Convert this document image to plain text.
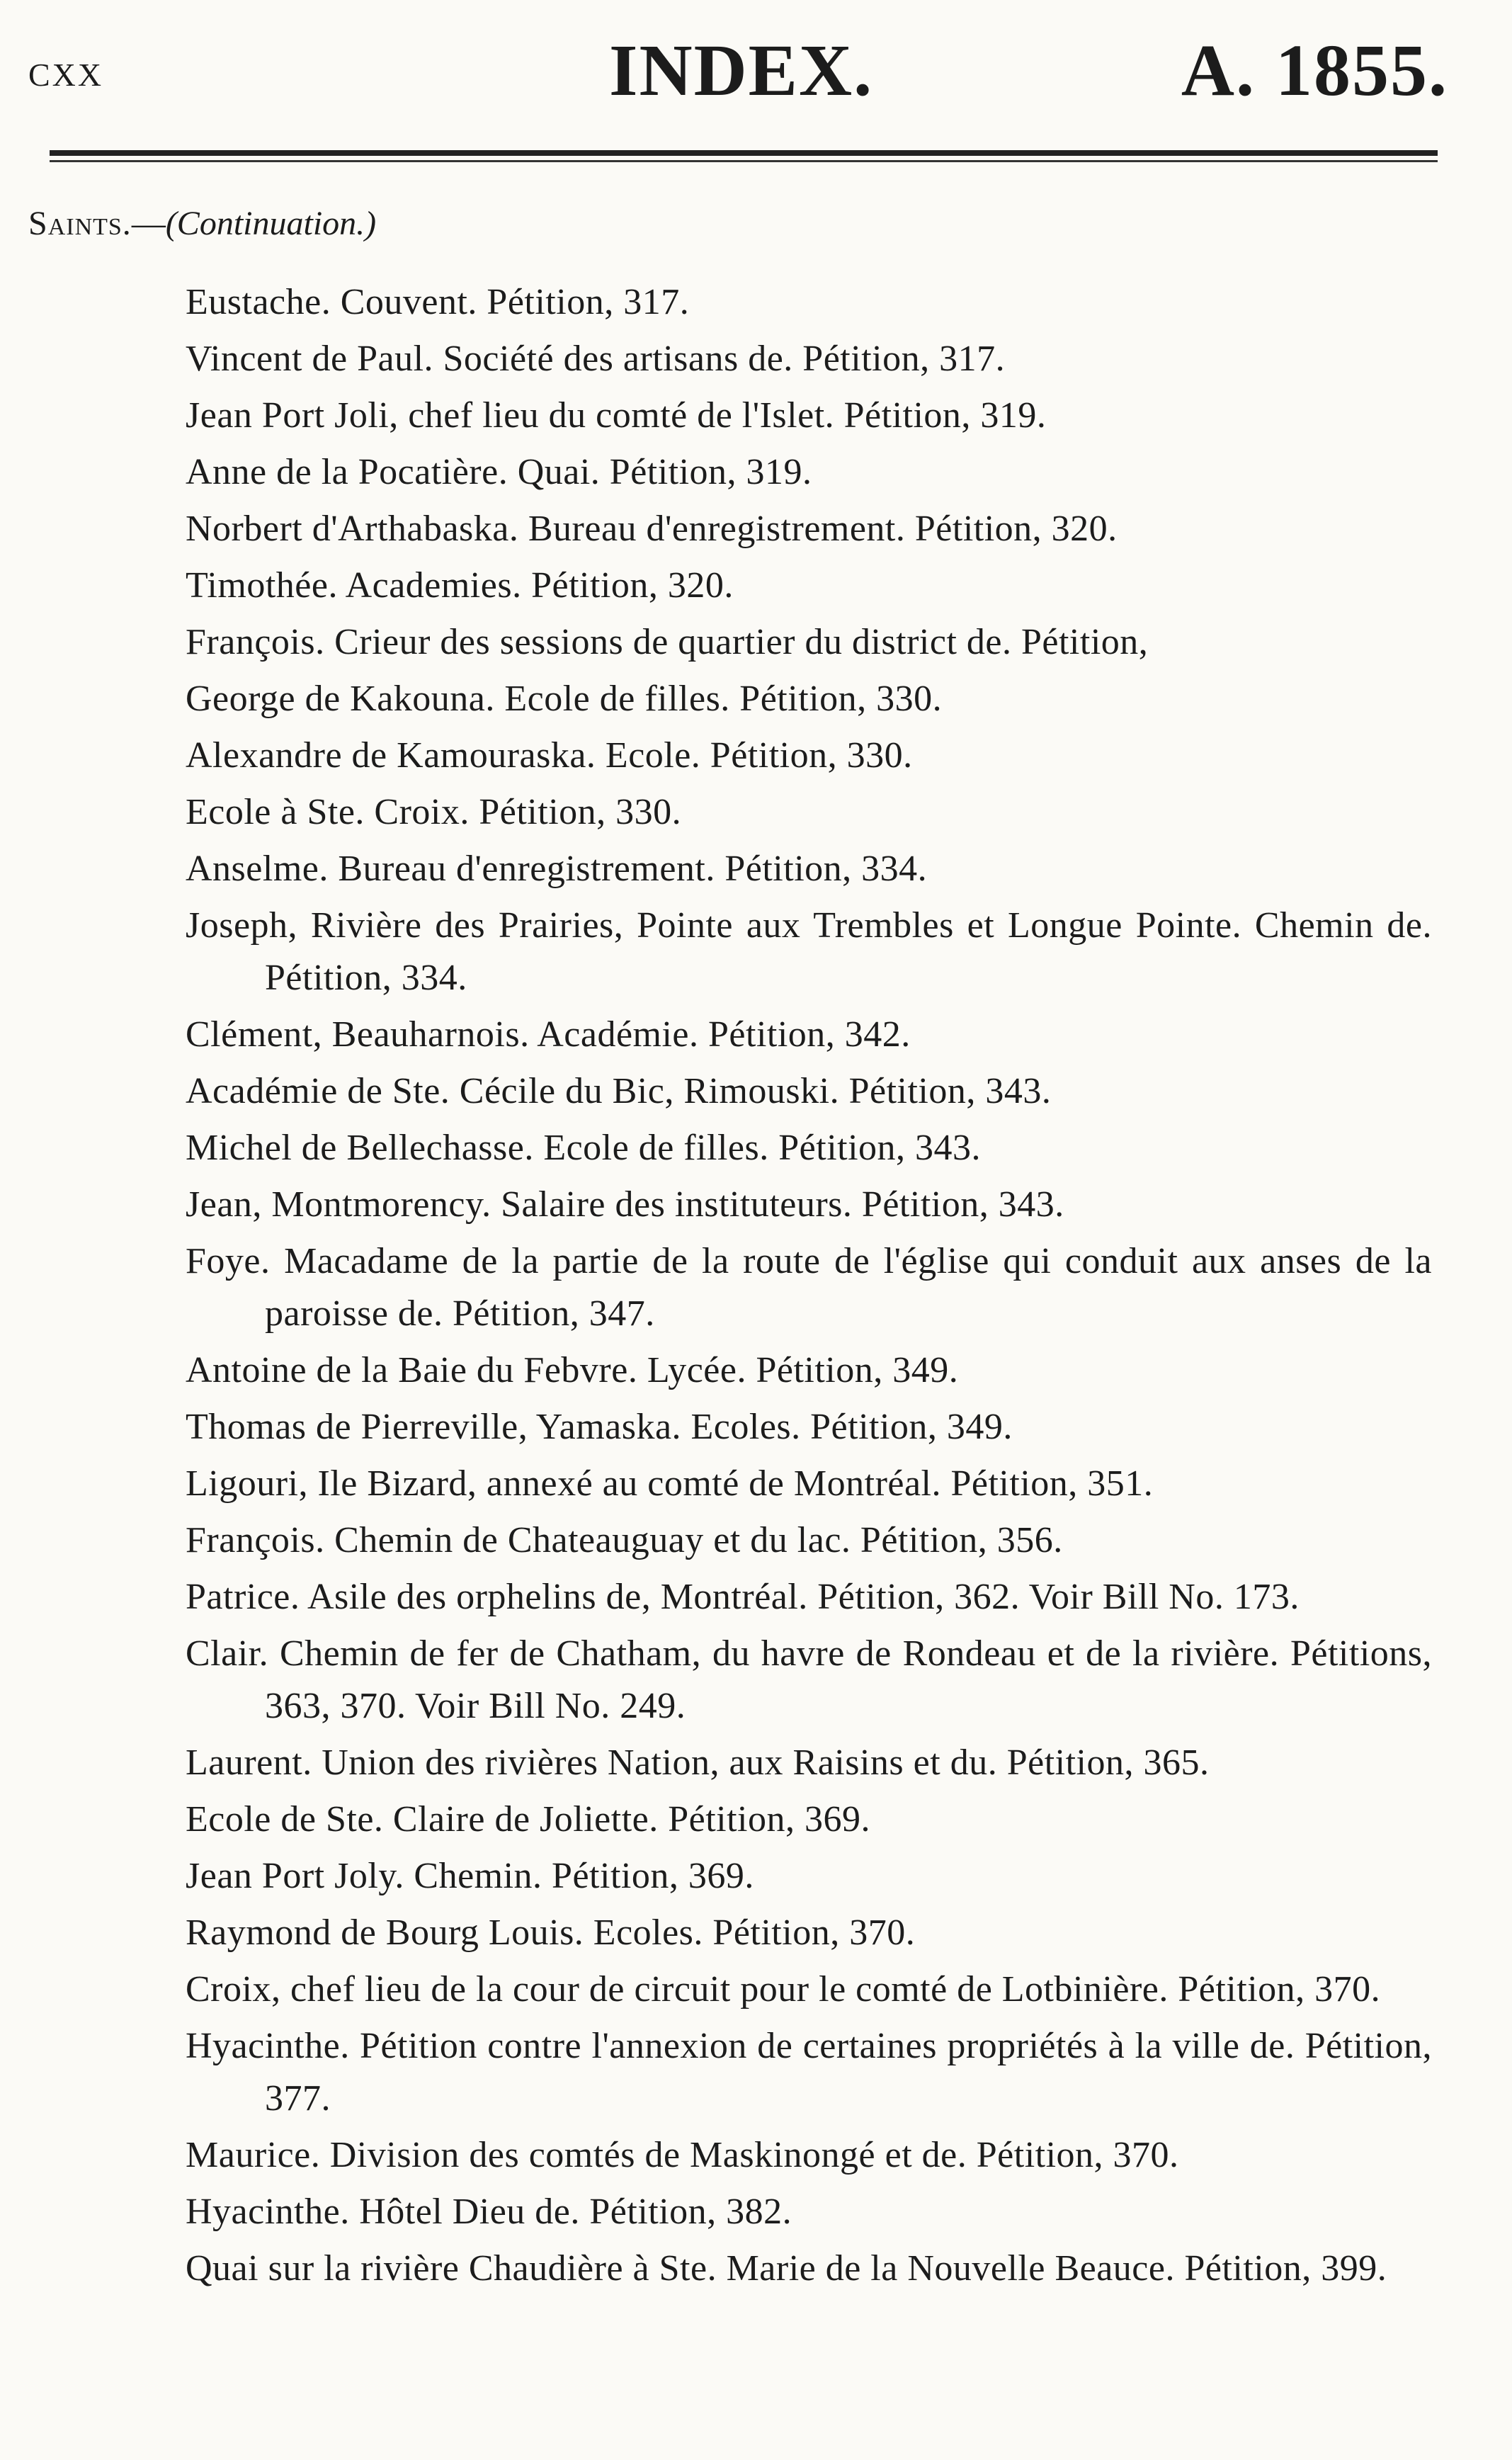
cxx	INDEX.	A. 1855.
Saints.—(Continuation.)
Eustache. Couvent. Pétition, 317.
Vincent de Paul. Société des artisans de. Pétition, 317.
Jean Port Joli, chef lieu du comté de l'Islet. Pétition, 319.
Anne de la Pocatière. Quai. Pétition, 319.
Norbert d'Arthabaska. Bureau d'enregistrement. Pétition, 320.
Timothée. Academies. Pétition, 320.
François. Crieur des sessions de quartier du district de. Pétition,
George de Kakouna. Ecole de filles. Pétition, 330.
Alexandre de Kamouraska. Ecole. Pétition, 330.
Ecole à Ste. Croix. Pétition, 330.
Anselme. Bureau d'enregistrement. Pétition, 334.
Joseph, Rivière des Prairies, Pointe aux Trembles et Longue Pointe. Chemin de. Pétition, 334.
Clément, Beauharnois. Académie. Pétition, 342.
Académie de Ste. Cécile du Bic, Rimouski. Pétition, 343.
Michel de Bellechasse. Ecole de filles. Pétition, 343.
Jean, Montmorency. Salaire des instituteurs. Pétition, 343.
Foye. Macadame de la partie de la route de l'église qui conduit aux anses de la paroisse de. Pétition, 347.
Antoine de la Baie du Febvre. Lycée. Pétition, 349.
Thomas de Pierreville, Yamaska. Ecoles. Pétition, 349.
Ligouri, Ile Bizard, annexé au comté de Montréal. Pétition, 351.
François. Chemin de Chateauguay et du lac. Pétition, 356.
Patrice. Asile des orphelins de, Montréal. Pétition, 362. Voir Bill No. 173.
Clair. Chemin de fer de Chatham, du havre de Rondeau et de la rivière. Pétitions, 363, 370. Voir Bill No. 249.
Laurent. Union des rivières Nation, aux Raisins et du. Pétition, 365.
Ecole de Ste. Claire de Joliette. Pétition, 369.
Jean Port Joly. Chemin. Pétition, 369.
Raymond de Bourg Louis. Ecoles. Pétition, 370.
Croix, chef lieu de la cour de circuit pour le comté de Lotbinière. Pétition, 370.
Hyacinthe. Pétition contre l'annexion de certaines propriétés à la ville de. Pétition, 377.
Maurice. Division des comtés de Maskinongé et de. Pétition, 370.
Hyacinthe. Hôtel Dieu de. Pétition, 382.
Quai sur la rivière Chaudière à Ste. Marie de la Nouvelle Beauce. Pétition, 399.
